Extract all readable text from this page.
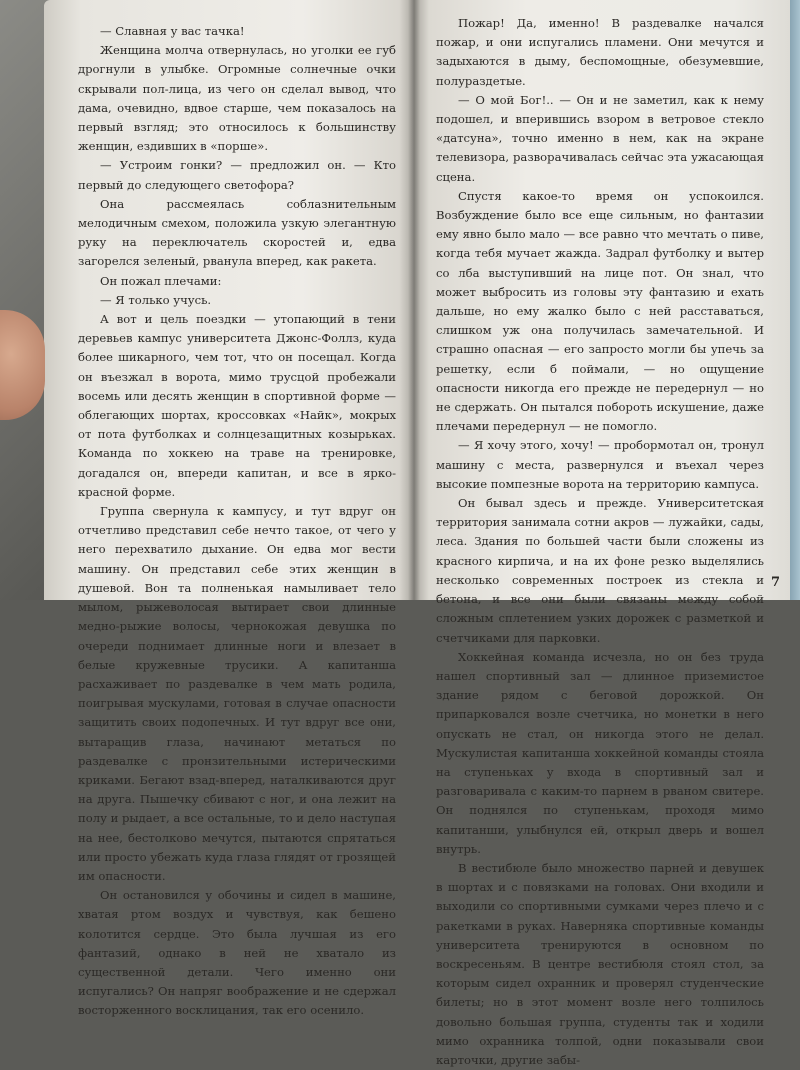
— Славная у вас тачка!

Женщина молча отвернулась, но уголки ее губ дрогнули в улыбке. Огромные солнечные очки скрывали пол-лица, из чего он сделал вывод, что дама, очевидно, вдвое старше, чем показалось на первый взгляд; это относилось к большинству женщин, ездивших в «порше».

— Устроим гонки? — предложил он. — Кто первый до следующего светофора?

Она рассмеялась соблазнительным мелодичным смехом, положила узкую элегантную руку на переключатель скоростей и, едва загорелся зеленый, рванула вперед, как ракета.

Он пожал плечами:

— Я только учусь.

А вот и цель поездки — утопающий в тени деревьев кампус университета Джонс-Фоллз, куда более шикарного, чем тот, что он посещал. Когда он въезжал в ворота, мимо трусцой пробежали восемь или десять женщин в спортивной форме — облегающих шортах, кроссовках «Найк», мокрых от пота футболках и солнцезащитных козырьках. Команда по хоккею на траве на тренировке, догадался он, впереди капитан, и все в ярко-красной форме.

Группа свернула к кампусу, и тут вдруг он отчетливо представил себе нечто такое, от чего у него перехватило дыхание. Он едва мог вести машину. Он представил себе этих женщин в душевой. Вон та полненькая намыливает тело мылом, рыжеволосая вытирает свои длинные медно-рыжие волосы, чернокожая девушка по очереди поднимает длинные ноги и влезает в белые кружевные трусики. А капитанша расхаживает по раздевалке в чем мать родила, поигрывая мускулами, готовая в случае опасности защитить своих подопечных. И тут вдруг все они, вытаращив глаза, начинают метаться по раздевалке с пронзительными истерическими криками. Бегают взад-вперед, наталкиваются друг на друга. Пышечку сбивают с ног, и она лежит на полу и рыдает, а все остальные, то и дело наступая на нее, бестолково мечутся, пытаются спрятаться или просто убежать куда глаза глядят от грозящей им опасности.

Он остановился у обочины и сидел в машине, хватая ртом воздух и чувствуя, как бешено колотится сердце. Это была лучшая из его фантазий, однако в ней не хватало из существенной детали. Чего именно они испугались? Он напряг воображение и не сдержал восторженного восклицания, так его осенило.

Пожар! Да, именно! В раздевалке начался пожар, и они испугались пламени. Они мечутся и задыхаются в дыму, беспомощные, обезумевшие, полураздетые.

— О мой Бог!.. — Он и не заметил, как к нему подошел, и вперившись взором в ветровое стекло «датсуна», точно именно в нем, как на экране телевизора, разворачивалась сейчас эта ужасающая сцена.

Спустя какое-то время он успокоился. Возбуждение было все еще сильным, но фантазии ему явно было мало — все равно что мечтать о пиве, когда тебя мучает жажда. Задрал футболку и вытер со лба выступивший на лице пот. Он знал, что может выбросить из головы эту фантазию и ехать дальше, но ему жалко было с ней расставаться, слишком уж она получилась замечательной. И страшно опасная — его запросто могли бы упечь за решетку, если б поймали, — но ощущение опасности никогда его прежде не передернул — но не сдержать. Он пытался побороть искушение, даже плечами передернул — не помогло.

— Я хочу этого, хочу! — пробормотал он, тронул машину с места, развернулся и въехал через высокие помпезные ворота на территорию кампуса.

Он бывал здесь и прежде. Университетская территория занимала сотни акров — лужайки, сады, леса. Здания по большей части были сложены из красного кирпича, и на их фоне резко выделялись несколько современных построек из стекла и бетона, и все они были связаны между собой сложным сплетением узких дорожек с разметкой и счетчиками для парковки.

Хоккейная команда исчезла, но он без труда нашел спортивный зал — длинное приземистое здание рядом с беговой дорожкой. Он припарковался возле счетчика, но монетки в него опускать не стал, он никогда этого не делал. Мускулистая капитанша хоккейной команды стояла на ступеньках у входа в спортивный зал и разговаривала с каким-то парнем в рваном свитере. Он поднялся по ступенькам, проходя мимо капитанши, улыбнулся ей, открыл дверь и вошел внутрь.

В вестибюле было множество парней и девушек в шортах и с повязками на головах. Они входили и выходили со спортивными сумками через плечо и с ракетками в руках. Наверняка спортивные команды университета тренируются в основном по воскресеньям. В центре вестибюля стоял стол, за которым сидел охранник и проверял студенческие билеты; но в этот момент возле него толпилось довольно большая группа, студенты так и ходили мимо охранника толпой, одни показывали свои карточки, другие забы-

7
